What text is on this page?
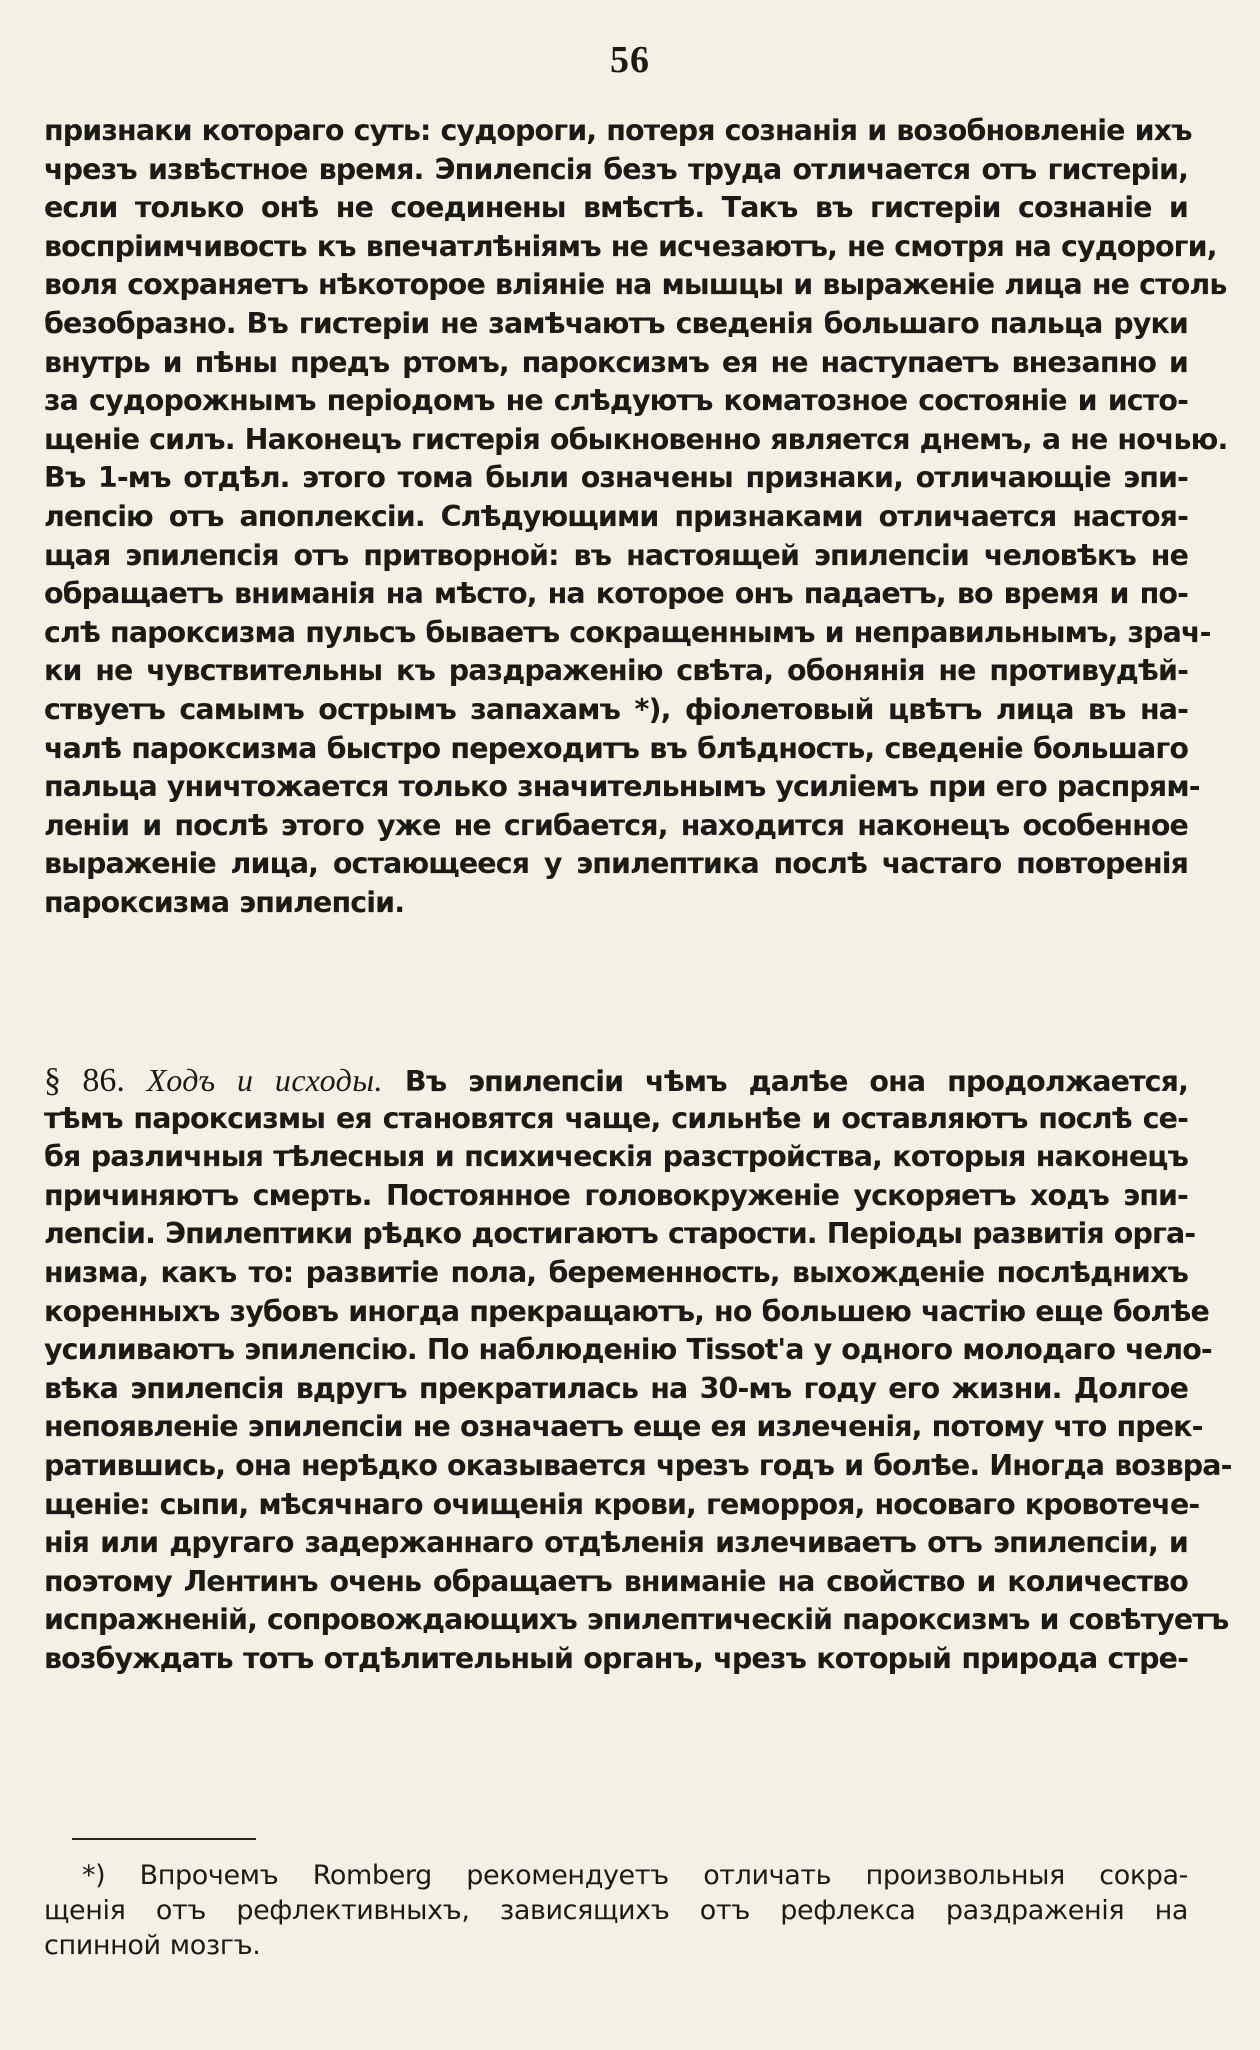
56
признаки котораго суть: судороги, потеря сознанія и возобновленіе ихъ
чрезъ извѣстное время. Эпилепсія безъ труда отличается отъ гистеріи,
если только онѣ не соединены вмѣстѣ. Такъ въ гистеріи сознаніе и
воспріимчивость къ впечатлѣніямъ не исчезаютъ, не смотря на судороги,
воля сохраняетъ нѣкоторое вліяніе на мышцы и выраженіе лица не столь
безобразно. Въ гистеріи не замѣчаютъ сведенія большаго пальца руки
внутрь и пѣны предъ ртомъ, пароксизмъ ея не наступаетъ внезапно и
за судорожнымъ періодомъ не слѣдуютъ коматозное состояніе и исто-
щеніе силъ. Наконецъ гистерія обыкновенно является днемъ, а не ночью.
Въ 1-мъ отдѣл. этого тома были означены признаки, отличающіе эпи-
лепсію отъ апоплексіи. Слѣдующими признаками отличается настоя-
щая эпилепсія отъ притворной: въ настоящей эпилепсіи человѣкъ не
обращаетъ вниманія на мѣсто, на которое онъ падаетъ, во время и по-
слѣ пароксизма пульсъ бываетъ сокращеннымъ и неправильнымъ, зрач-
ки не чувствительны къ раздраженію свѣта, обонянія не противудѣй-
ствуетъ самымъ острымъ запахамъ *), фіолетовый цвѣтъ лица въ на-
чалѣ пароксизма быстро переходитъ въ блѣдность, сведеніе большаго
пальца уничтожается только значительнымъ усиліемъ при его распрям-
леніи и послѣ этого уже не сгибается, находится наконецъ особенное
выраженіе лица, остающееся у эпилептика послѣ частаго повторенія
пароксизма эпилепсіи.
§ 86. Ходъ и исходы. Въ эпилепсіи чѣмъ далѣе она продолжается,
тѣмъ пароксизмы ея становятся чаще, сильнѣе и оставляютъ послѣ се-
бя различныя тѣлесныя и психическія разстройства, которыя наконецъ
причиняютъ смерть. Постоянное головокруженіе ускоряетъ ходъ эпи-
лепсіи. Эпилептики рѣдко достигаютъ старости. Періоды развитія орга-
низма, какъ то: развитіе пола, беременность, выхожденіе послѣднихъ
коренныхъ зубовъ иногда прекращаютъ, но большею частію еще болѣе
усиливаютъ эпилепсію. По наблюденію Tissot'а у одного молодаго чело-
вѣка эпилепсія вдругъ прекратилась на 30-мъ году его жизни. Долгое
непоявленіе эпилепсіи не означаетъ еще ея излеченія, потому что прек-
ратившись, она нерѣдко оказывается чрезъ годъ и болѣе. Иногда возвра-
щеніе: сыпи, мѣсячнаго очищенія крови, геморроя, носоваго кровотече-
нія или другаго задержаннаго отдѣленія излечиваетъ отъ эпилепсіи, и
поэтому Лентинъ очень обращаетъ вниманіе на свойство и количество
испражненій, сопровождающихъ эпилептическій пароксизмъ и совѣтуетъ
возбуждать тотъ отдѣлительный органъ, чрезъ который природа стре-
*) Впрочемъ Romberg рекомендуетъ отличать произвольныя сокра-
щенія отъ рефлективныхъ, зависящихъ отъ рефлекса раздраженія на
спинной мозгъ.
